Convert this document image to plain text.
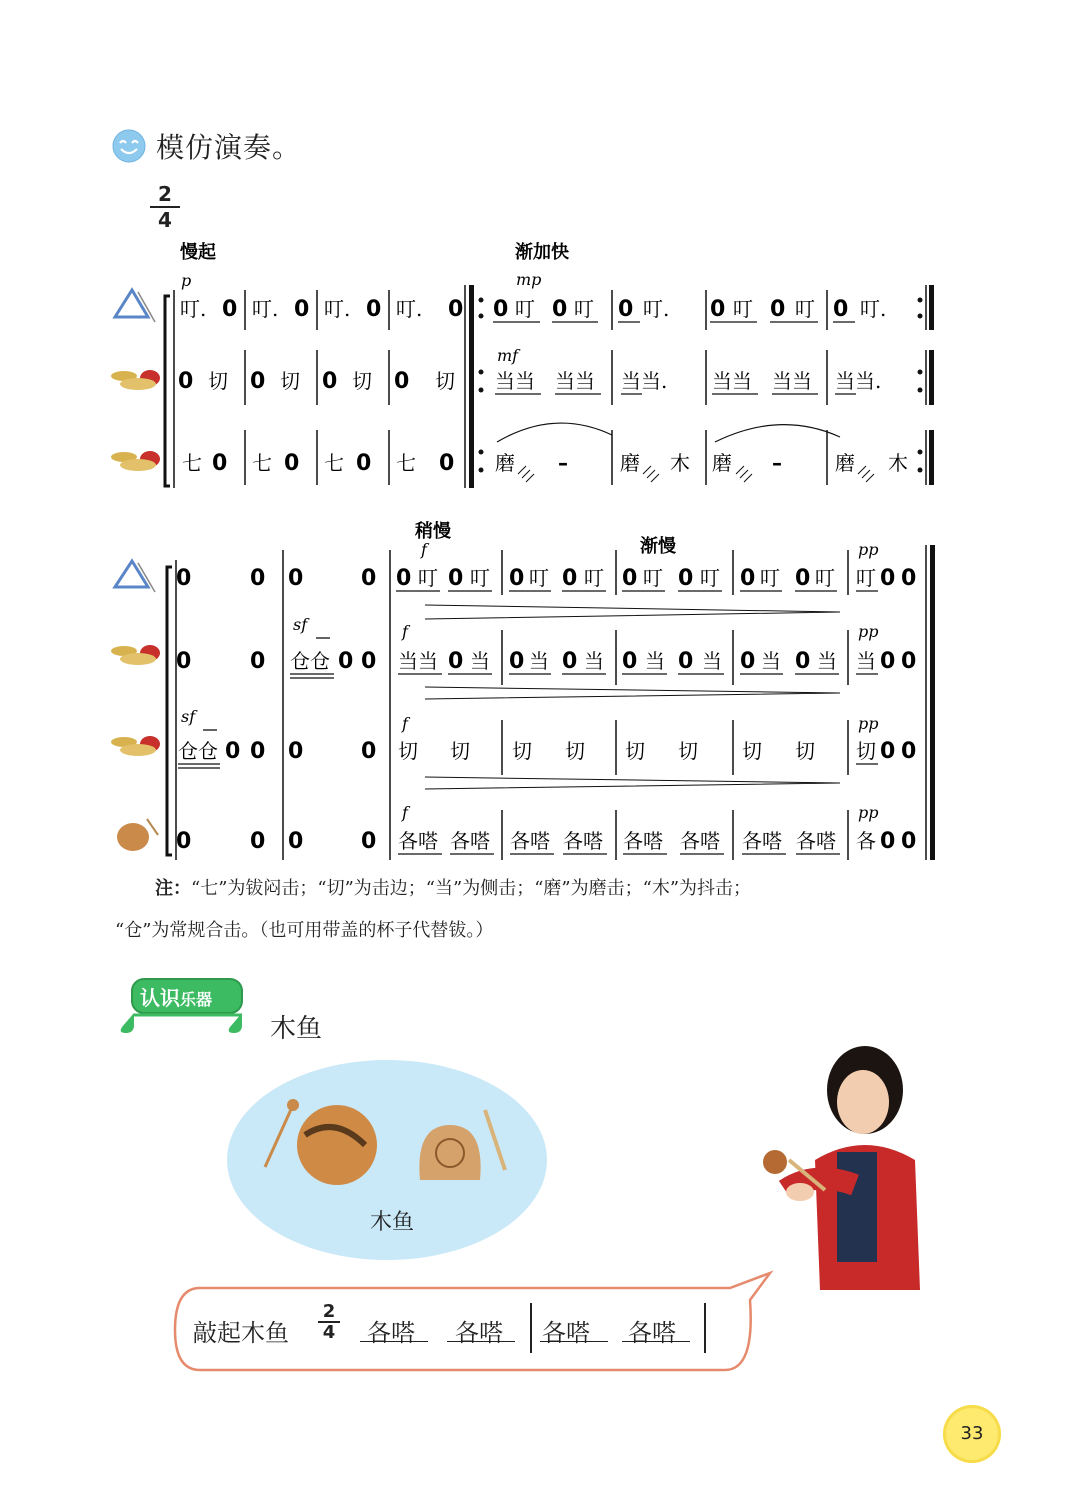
模仿演奏。
2
4
慢起	渐加快
p	mp
叮. 0 叮. 0 叮. 0 叮. 0 0 叮 0 叮 0 叮. 0 叮 0 叮 0 叮.
mf
0 切 0 切 0 切 0 切 当当 当当 当当. 当当 当当 当当.
七 0 七 0 七 0 七 0 磨 –	磨 木 磨 –	磨 木
稍慢
渐慢
f	pp
0	0 0	0 0 叮 0 叮 0 叮 0 叮 0 叮 0 叮 0 叮 0 叮 叮 0 0
sf	f	pp
0	0 仓仓 0 0 当当 0 当 0 当 0 当 0 当 0 当 0 当 0 当 当 0 0
sf	f	pp
仓仓 0 0 0	0 切 切 切 切 切 切 切 切 切 0 0
f	pp
0	0 0	0 各嗒 各嗒 各嗒 各嗒 各嗒 各嗒 各嗒 各嗒 各 0 0
注：“七”为钹闷击；“切”为击边；“当”为侧击；“磨”为磨击；“木”为抖击；
“仓”为常规合击。（也可用带盖的杯子代替钹。）
认识乐器
木鱼
木鱼
敲起木鱼
2
4 各嗒 各嗒 各嗒 各嗒
33
